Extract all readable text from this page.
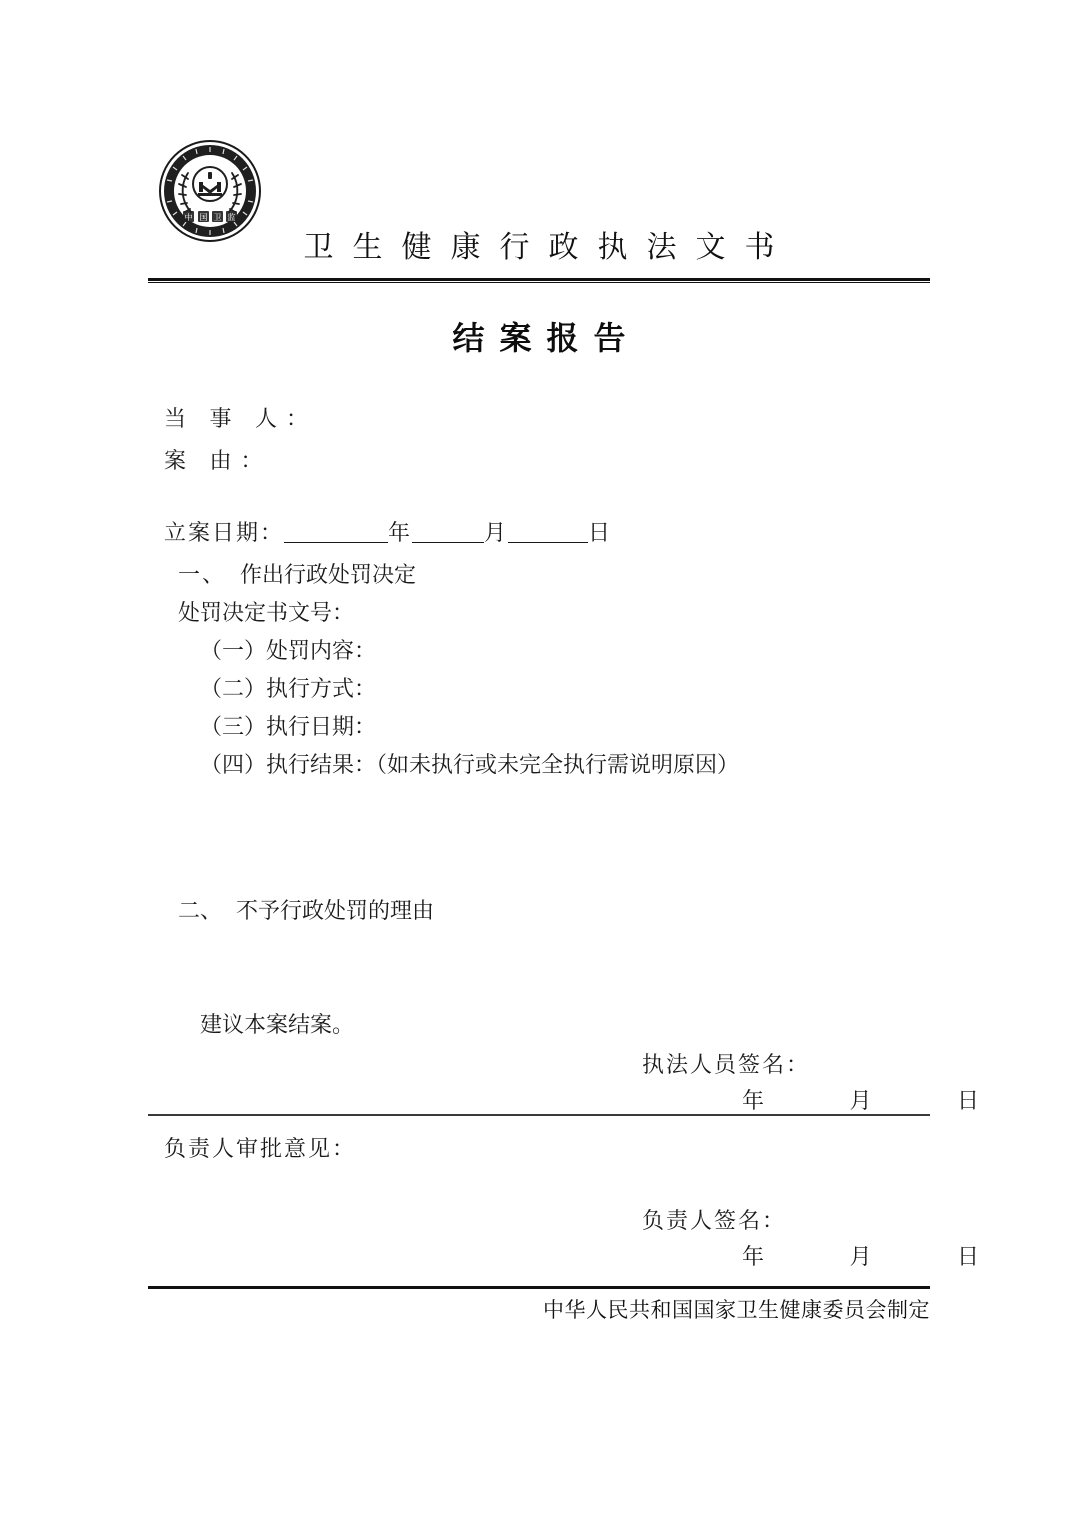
中 国 卫 监
卫生健康行政执法文书
结案报告
当 事 人：
案 由：
立案日期：	年	月	日
一、 作出行政处罚决定
处罚决定书文号：
（一）处罚内容：
（二）执行方式：
（三）执行日期：
（四）执行结果：（如未执行或未完全执行需说明原因）
二、 不予行政处罚的理由
建议本案结案。
执法人员签名：
年 月 日
负责人审批意见：
负责人签名：
年 月 日
中华人民共和国国家卫生健康委员会制定
